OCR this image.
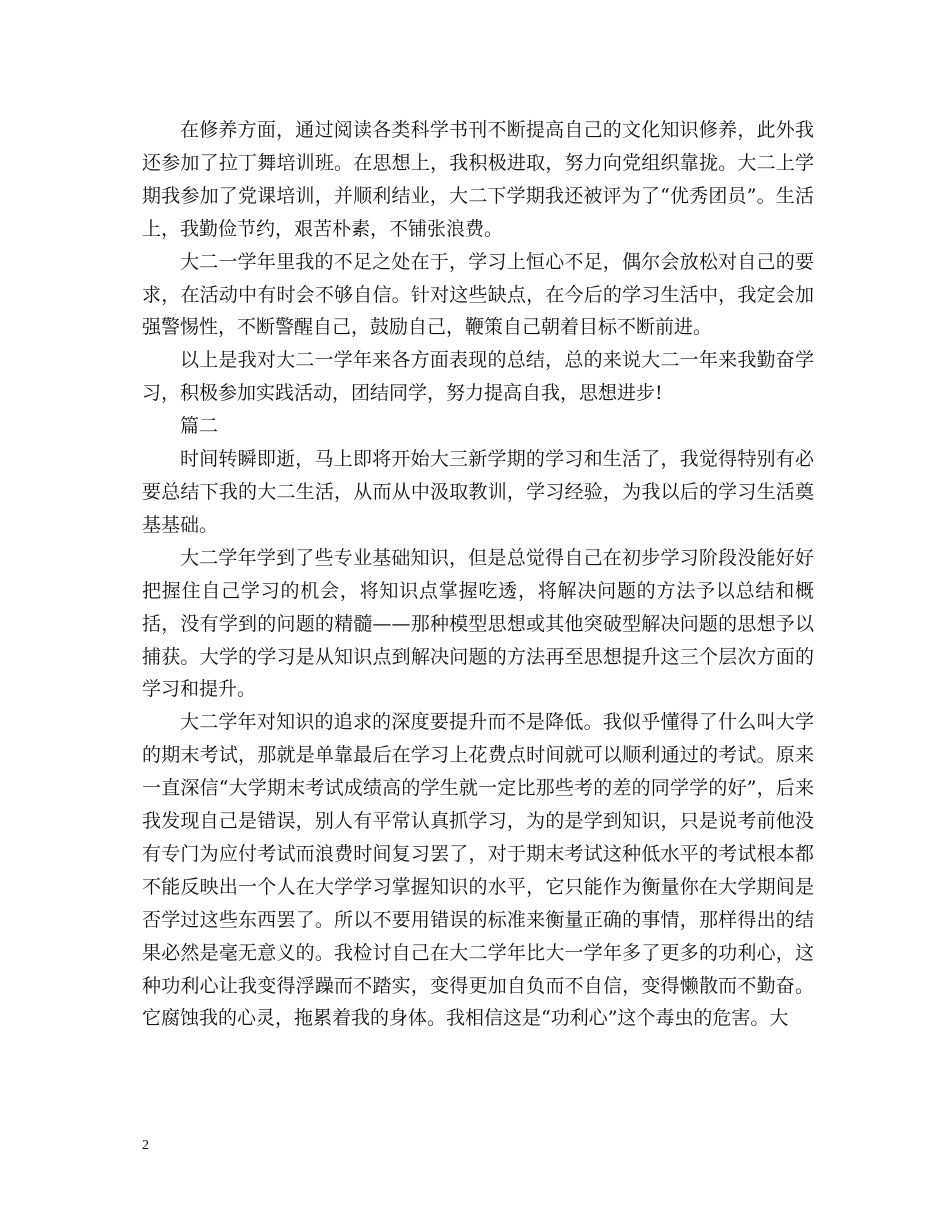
在修养方面，通过阅读各类科学书刊不断提高自己的文化知识修养，此外我还参加了拉丁舞培训班。在思想上，我积极进取，努力向党组织靠拢。大二上学期我参加了党课培训，并顺利结业，大二下学期我还被评为了“优秀团员”。生活上，我勤俭节约，艰苦朴素，不铺张浪费。

大二一学年里我的不足之处在于，学习上恒心不足，偶尔会放松对自己的要求，在活动中有时会不够自信。针对这些缺点，在今后的学习生活中，我定会加强警惕性，不断警醒自己，鼓励自己，鞭策自己朝着目标不断前进。

以上是我对大二一学年来各方面表现的总结，总的来说大二一年来我勤奋学习，积极参加实践活动，团结同学，努力提高自我，思想进步!

篇二

时间转瞬即逝，马上即将开始大三新学期的学习和生活了，我觉得特别有必要总结下我的大二生活，从而从中汲取教训，学习经验，为我以后的学习生活奠基基础。

大二学年学到了些专业基础知识，但是总觉得自己在初步学习阶段没能好好把握住自己学习的机会，将知识点掌握吃透，将解决问题的方法予以总结和概括，没有学到的问题的精髓——那种模型思想或其他突破型解决问题的思想予以捕获。大学的学习是从知识点到解决问题的方法再至思想提升这三个层次方面的学习和提升。

大二学年对知识的追求的深度要提升而不是降低。我似乎懂得了什么叫大学的期末考试，那就是单靠最后在学习上花费点时间就可以顺利通过的考试。原来一直深信“大学期末考试成绩高的学生就一定比那些考的差的同学学的好”，后来我发现自己是错误，别人有平常认真抓学习，为的是学到知识，只是说考前他没有专门为应付考试而浪费时间复习罢了，对于期末考试这种低水平的考试根本都不能反映出一个人在大学学习掌握知识的水平，它只能作为衡量你在大学期间是否学过这些东西罢了。所以不要用错误的标准来衡量正确的事情，那样得出的结果必然是毫无意义的。我检讨自己在大二学年比大一学年多了更多的功利心，这种功利心让我变得浮躁而不踏实，变得更加自负而不自信，变得懒散而不勤奋。它腐蚀我的心灵，拖累着我的身体。我相信这是“功利心”这个毒虫的危害。大

2
